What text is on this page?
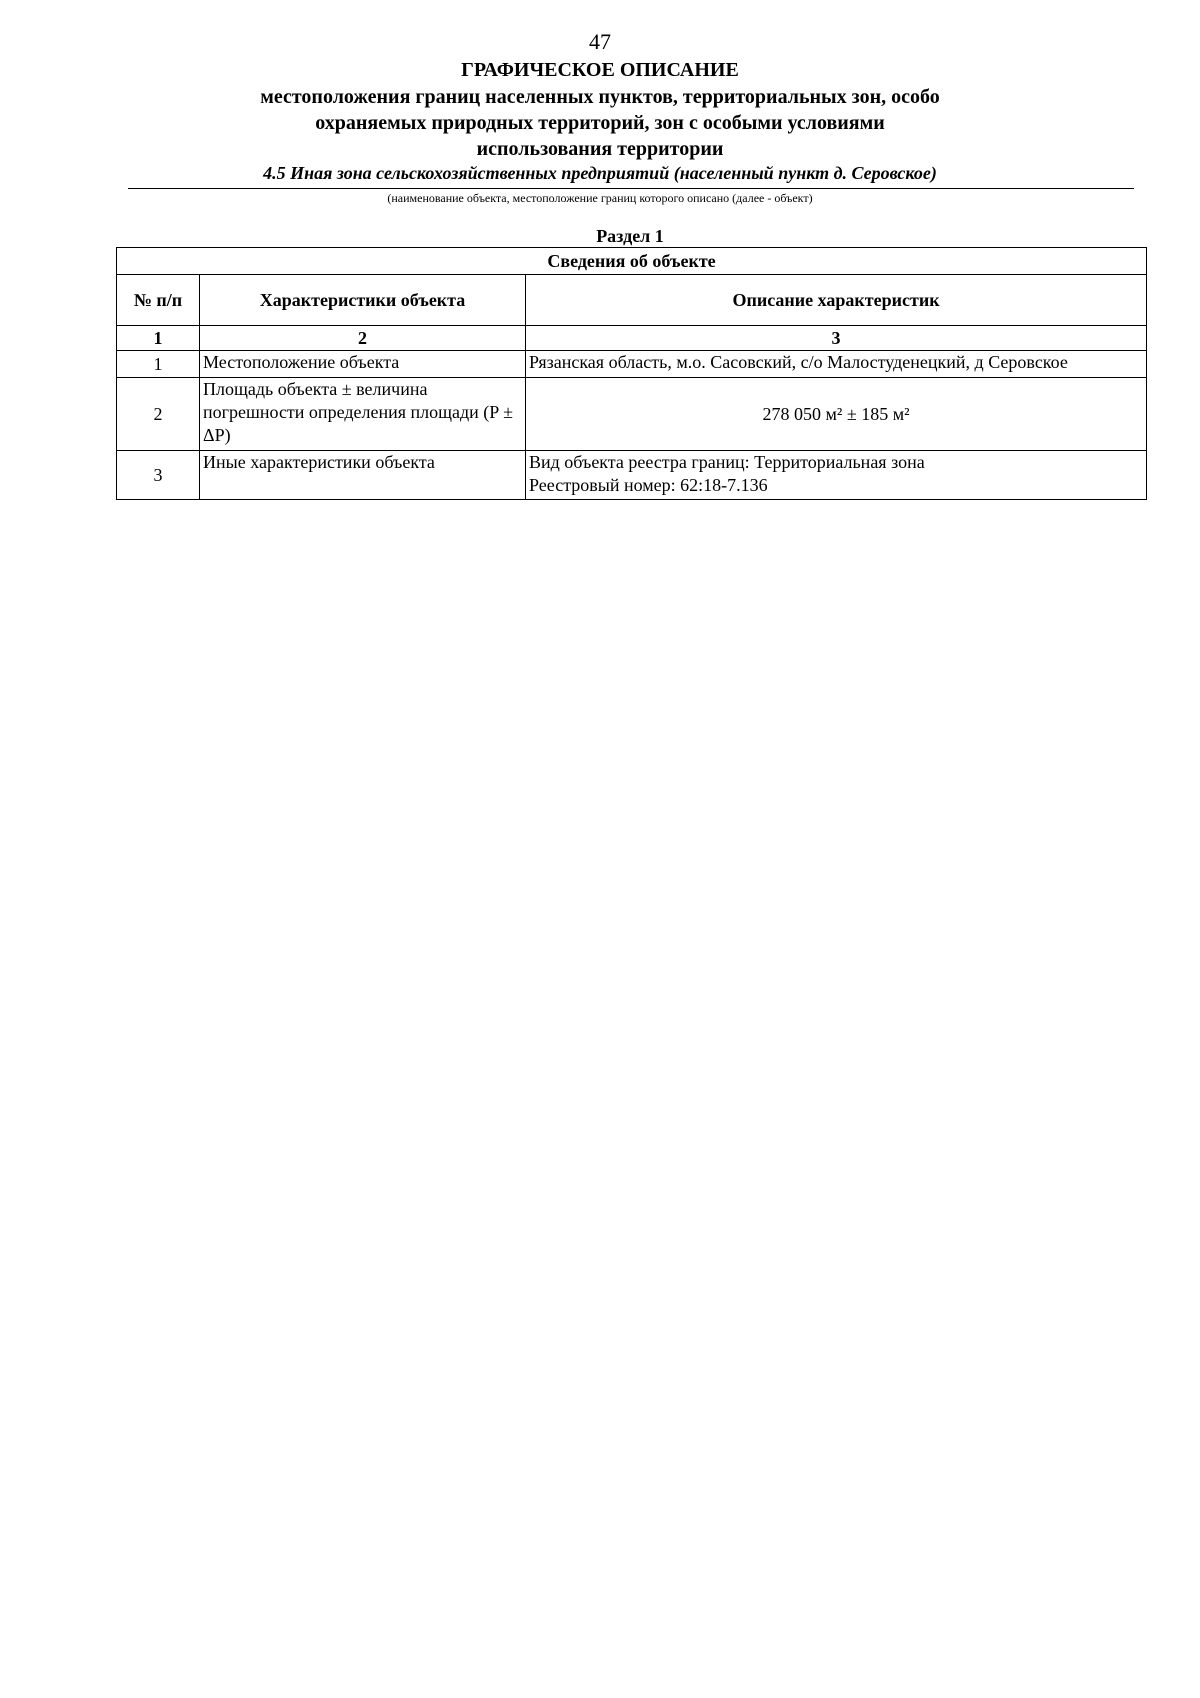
47
ГРАФИЧЕСКОЕ ОПИСАНИЕ
местоположения границ населенных пунктов, территориальных зон, особо охраняемых природных территорий, зон с особыми условиями использования территории
4.5 Иная зона сельскохозяйственных предприятий (населенный пункт д. Серовское)
(наименование объекта, местоположение границ которого описано (далее - объект)
Раздел 1
Сведения об объекте		
№ п/п	Характеристики объекта	Описание характеристик
1	2	3
1	Местоположение объекта	Рязанская область, м.о. Сасовский, с/о Малостуденецкий, д Серовское

2	Площадь объекта ± величина погрешности определения площади (P ± ΔP)	278 050 м² ± 185 м²

3	Иные характеристики объекта	Вид объекта реестра границ: Территориальная зона
Реестровый номер: 62:18-7.136
